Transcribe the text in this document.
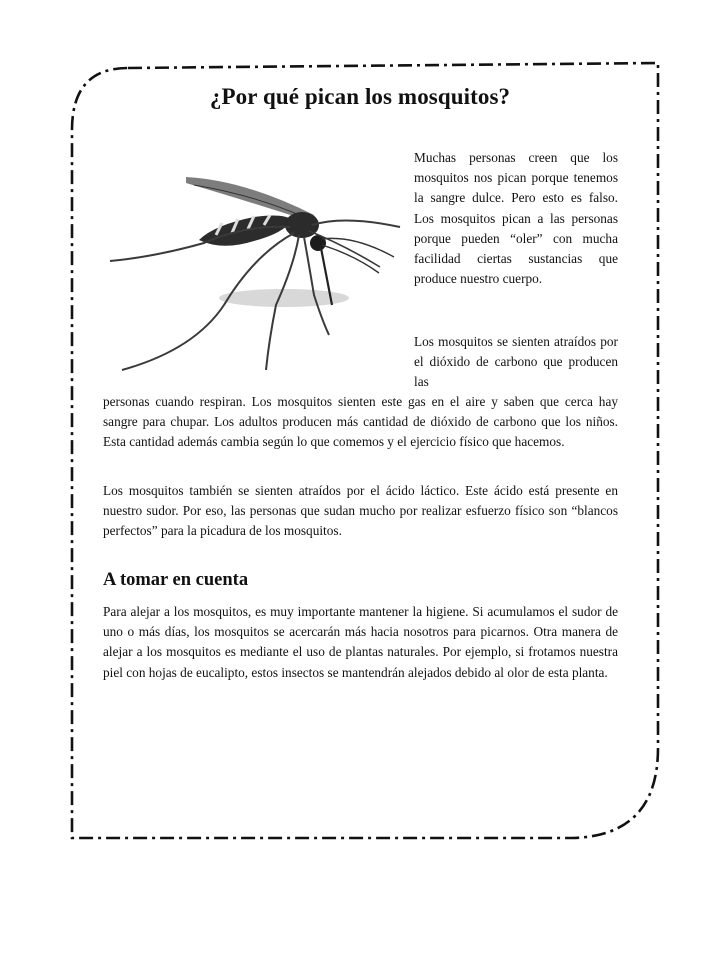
¿Por qué pican los mosquitos?
Muchas personas creen que los mosquitos nos pican porque tenemos la sangre dulce. Pero esto es falso. Los mosquitos pican a las personas porque pueden “oler” con mucha facilidad ciertas sustancias que produce nuestro cuerpo.
Los mosquitos se sienten atraídos por el dióxido de carbono que producen las
personas cuando respiran. Los mosquitos sienten este gas en el aire y saben que cerca hay sangre para chupar. Los adultos producen más cantidad de dióxido de carbono que los niños. Esta cantidad además cambia según lo que comemos y el ejercicio físico que hacemos.
Los mosquitos también se sienten atraídos por el ácido láctico. Este ácido está presente en nuestro sudor. Por eso, las personas que sudan mucho por realizar esfuerzo físico son “blancos perfectos” para la picadura de los mosquitos.
A tomar en cuenta
Para alejar a los mosquitos, es muy importante mantener la higiene. Si acumulamos el sudor de uno o más días, los mosquitos se acercarán más hacia nosotros para picarnos. Otra manera de alejar a los mosquitos es mediante el uso de plantas naturales. Por ejemplo, si frotamos nuestra piel con hojas de eucalipto, estos insectos se mantendrán alejados debido al olor de esta planta.
